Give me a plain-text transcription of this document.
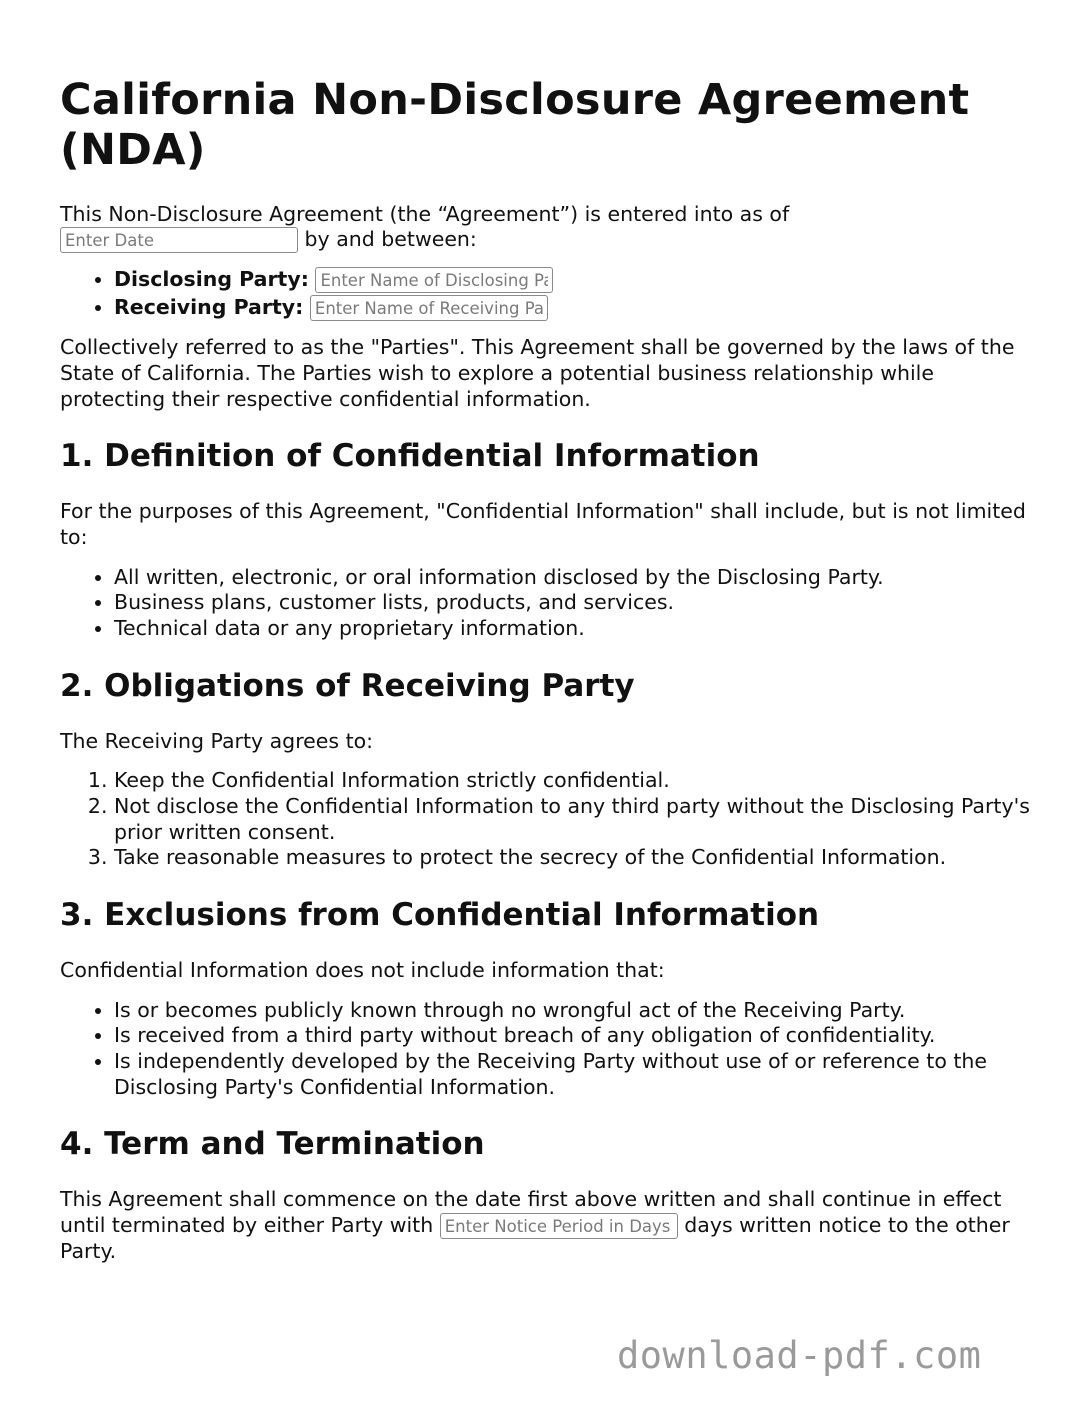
California Non-Disclosure Agreement (NDA)

This Non-Disclosure Agreement (the “Agreement”) is entered into as of
Enter Date by and between:

• Disclosing Party: Enter Name of Disclosing Party
• Receiving Party: Enter Name of Receiving Party

Collectively referred to as the "Parties". This Agreement shall be governed by the laws of the State of California. The Parties wish to explore a potential business relationship while protecting their respective confidential information.

1. Definition of Confidential Information

For the purposes of this Agreement, "Confidential Information" shall include, but is not limited to:

• All written, electronic, or oral information disclosed by the Disclosing Party.
• Business plans, customer lists, products, and services.
• Technical data or any proprietary information.
2. Obligations of Receiving Party

The Receiving Party agrees to:

1. Keep the Confidential Information strictly confidential.
2. Not disclose the Confidential Information to any third party without the Disclosing Party's prior written consent.
3. Take reasonable measures to protect the secrecy of the Confidential Information.
3. Exclusions from Confidential Information

Confidential Information does not include information that:

• Is or becomes publicly known through no wrongful act of the Receiving Party.
• Is received from a third party without breach of any obligation of confidentiality.
• Is independently developed by the Receiving Party without use of or reference to the Disclosing Party's Confidential Information.
4. Term and Termination

This Agreement shall commence on the date first above written and shall continue in effect until terminated by either Party with Enter Notice Period in Days	days written notice to the other Party.

download-pdf.com
